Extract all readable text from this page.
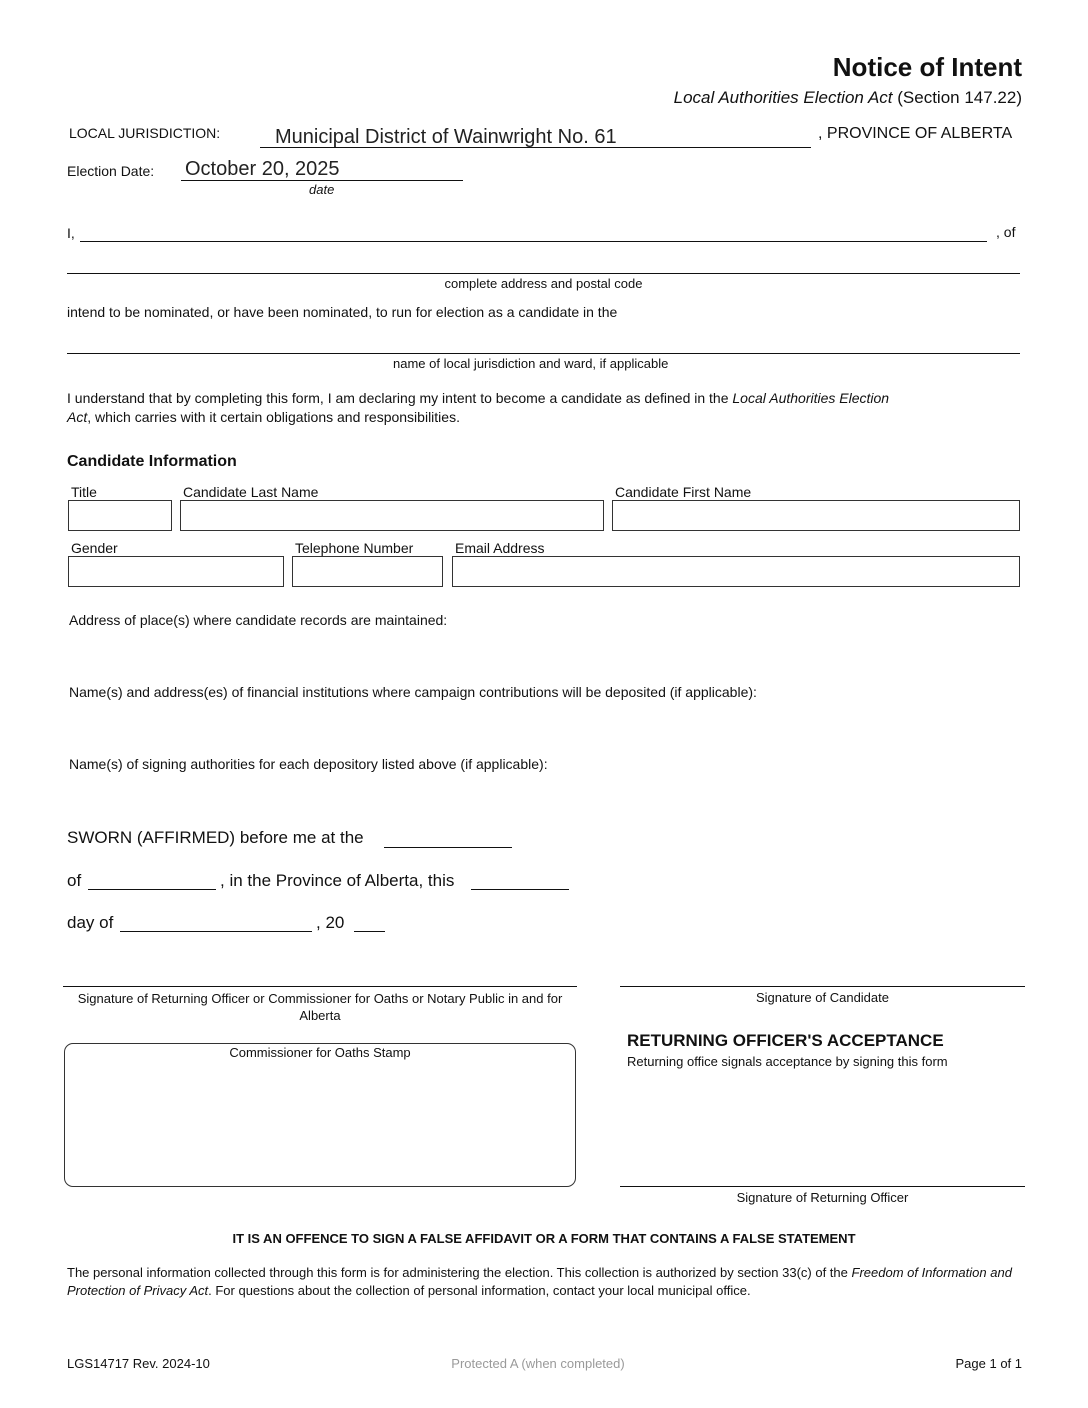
Notice of Intent
Local Authorities Election Act (Section 147.22)
LOCAL JURISDICTION:	Municipal District of Wainwright No. 61	, PROVINCE OF ALBERTA
Election Date: October 20, 2025
date
I,	, of
complete address and postal code
intend to be nominated, or have been nominated, to run for election as a candidate in the
name of local jurisdiction and ward, if applicable
I understand that by completing this form, I am declaring my intent to become a candidate as defined in the Local Authorities Election
Act, which carries with it certain obligations and responsibilities.
Candidate Information
Title	Candidate Last Name	Candidate First Name
Gender	Telephone Number	Email Address
Address of place(s) where candidate records are maintained:
Name(s) and address(es) of financial institutions where campaign contributions will be deposited (if applicable):
Name(s) of signing authorities for each depository listed above (if applicable):
SWORN (AFFIRMED) before me at the
of	, in the Province of Alberta, this
day of	, 20
Signature of Returning Officer or Commissioner for Oaths or Notary Public in and for Alberta
Signature of Candidate
Commissioner for Oaths Stamp
RETURNING OFFICER'S ACCEPTANCE
Returning office signals acceptance by signing this form
Signature of Returning Officer
IT IS AN OFFENCE TO SIGN A FALSE AFFIDAVIT OR A FORM THAT CONTAINS A FALSE STATEMENT
The personal information collected through this form is for administering the election. This collection is authorized by section 33(c) of the Freedom of Information and Protection of Privacy Act. For questions about the collection of personal information, contact your local municipal office.
LGS14717 Rev. 2024-10	Protected A (when completed)	Page 1 of 1
